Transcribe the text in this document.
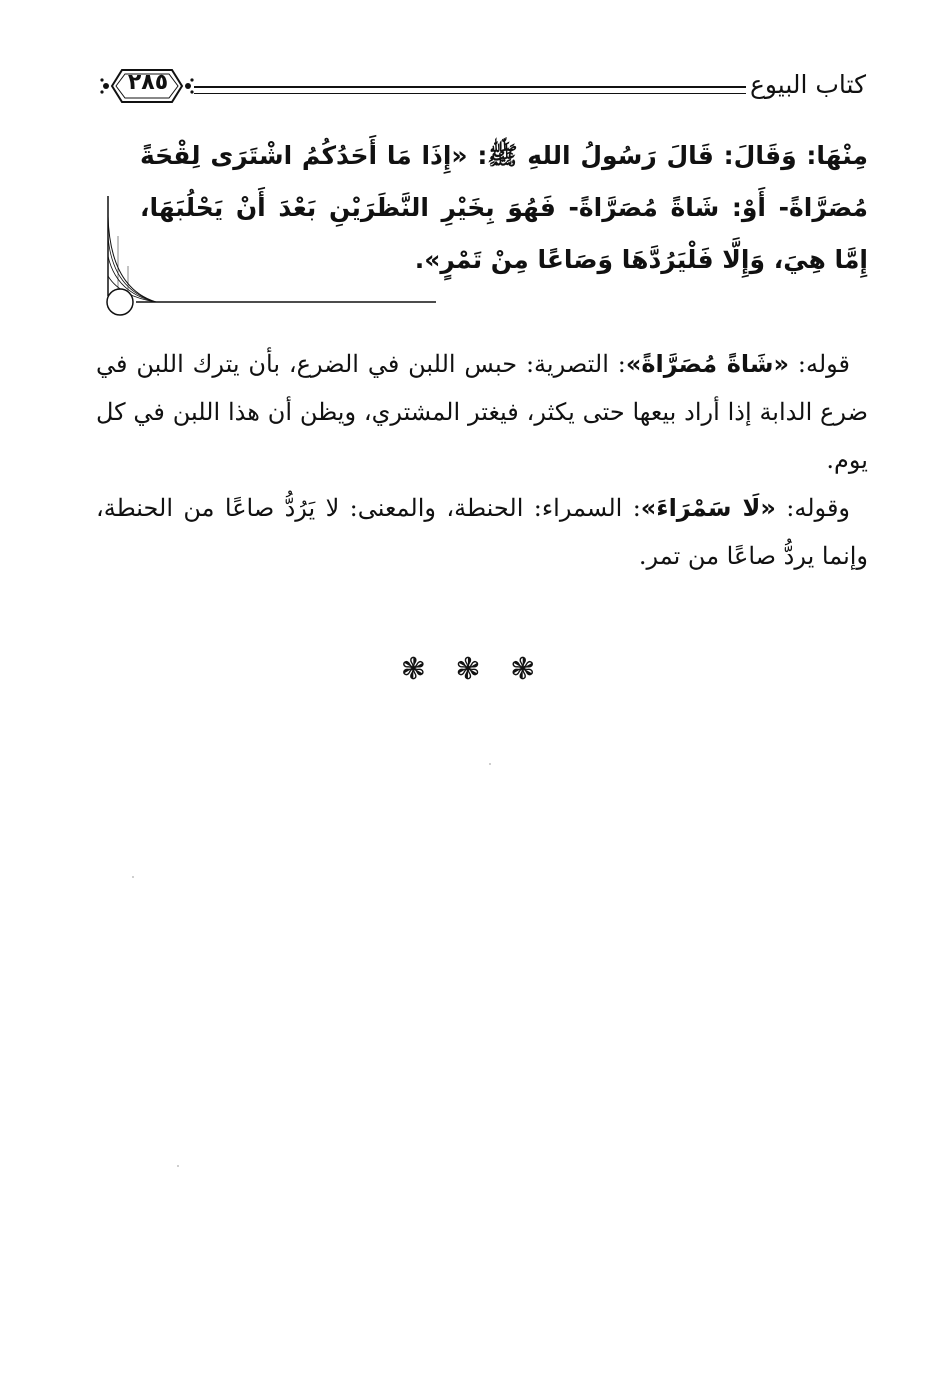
٢٨٥	كتاب البيوع
مِنْهَا: وَقَالَ: قَالَ رَسُولُ اللهِ ﷺ: «إِذَا مَا أَحَدُكُمُ اشْتَرَى لِقْحَةً مُصَرَّاةً- أَوْ: شَاةً مُصَرَّاةً- فَهُوَ بِخَيْرِ النَّظَرَيْنِ بَعْدَ أَنْ يَحْلُبَهَا، إِمَّا هِيَ، وَإِلَّا فَلْيَرُدَّهَا وَصَاعًا مِنْ تَمْرٍ».

قوله: «شَاةً مُصَرَّاةً»: التصرية: حبس اللبن في الضرع، بأن يترك اللبن في ضرع الدابة إذا أراد بيعها حتى يكثر، فيغتر المشتري، ويظن أن هذا اللبن في كل يوم.

وقوله: «لَا سَمْرَاءَ»: السمراء: الحنطة، والمعنى: لا يَرُدُّ صاعًا من الحنطة، وإنما يردُّ صاعًا من تمر.

❃ ❃ ❃
